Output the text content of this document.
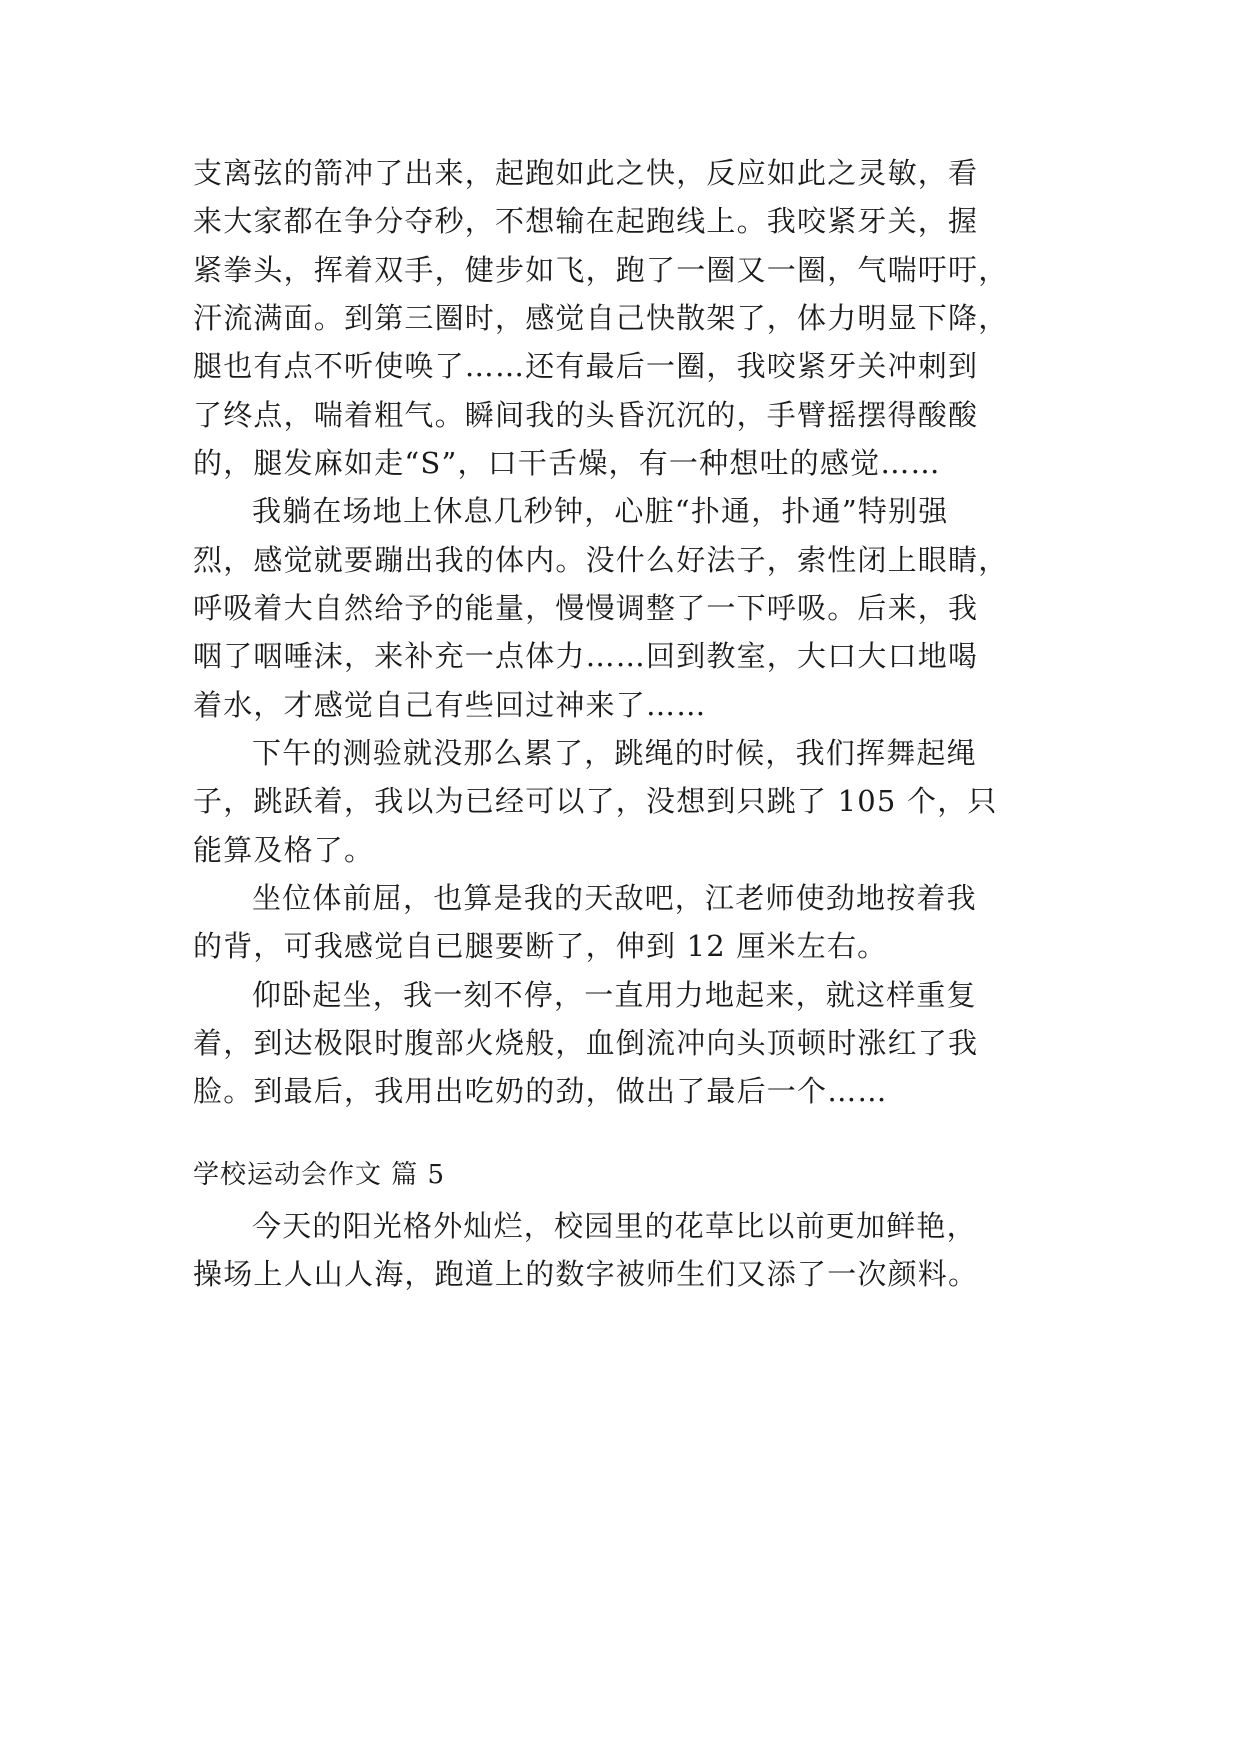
支离弦的箭冲了出来，起跑如此之快，反应如此之灵敏，看
来大家都在争分夺秒，不想输在起跑线上。我咬紧牙关，握
紧拳头，挥着双手，健步如飞，跑了一圈又一圈，气喘吁吁，
汗流满面。到第三圈时，感觉自己快散架了，体力明显下降，
腿也有点不听使唤了……还有最后一圈，我咬紧牙关冲刺到
了终点，喘着粗气。瞬间我的头昏沉沉的，手臂摇摆得酸酸
的，腿发麻如走“S”，口干舌燥，有一种想吐的感觉……
我躺在场地上休息几秒钟，心脏“扑通，扑通”特别强
烈，感觉就要蹦出我的体内。没什么好法子，索性闭上眼睛，
呼吸着大自然给予的能量，慢慢调整了一下呼吸。后来，我
咽了咽唾沫，来补充一点体力……回到教室，大口大口地喝
着水，才感觉自己有些回过神来了……
下午的测验就没那么累了，跳绳的时候，我们挥舞起绳
子，跳跃着，我以为已经可以了，没想到只跳了 105 个，只
能算及格了。
坐位体前屈，也算是我的天敌吧，江老师使劲地按着我
的背，可我感觉自已腿要断了，伸到 12 厘米左右。
仰卧起坐，我一刻不停，一直用力地起来，就这样重复
着，到达极限时腹部火烧般，血倒流冲向头顶顿时涨红了我
脸。到最后，我用出吃奶的劲，做出了最后一个……
学校运动会作文 篇 5
今天的阳光格外灿烂，校园里的花草比以前更加鲜艳，
操场上人山人海，跑道上的数字被师生们又添了一次颜料。
